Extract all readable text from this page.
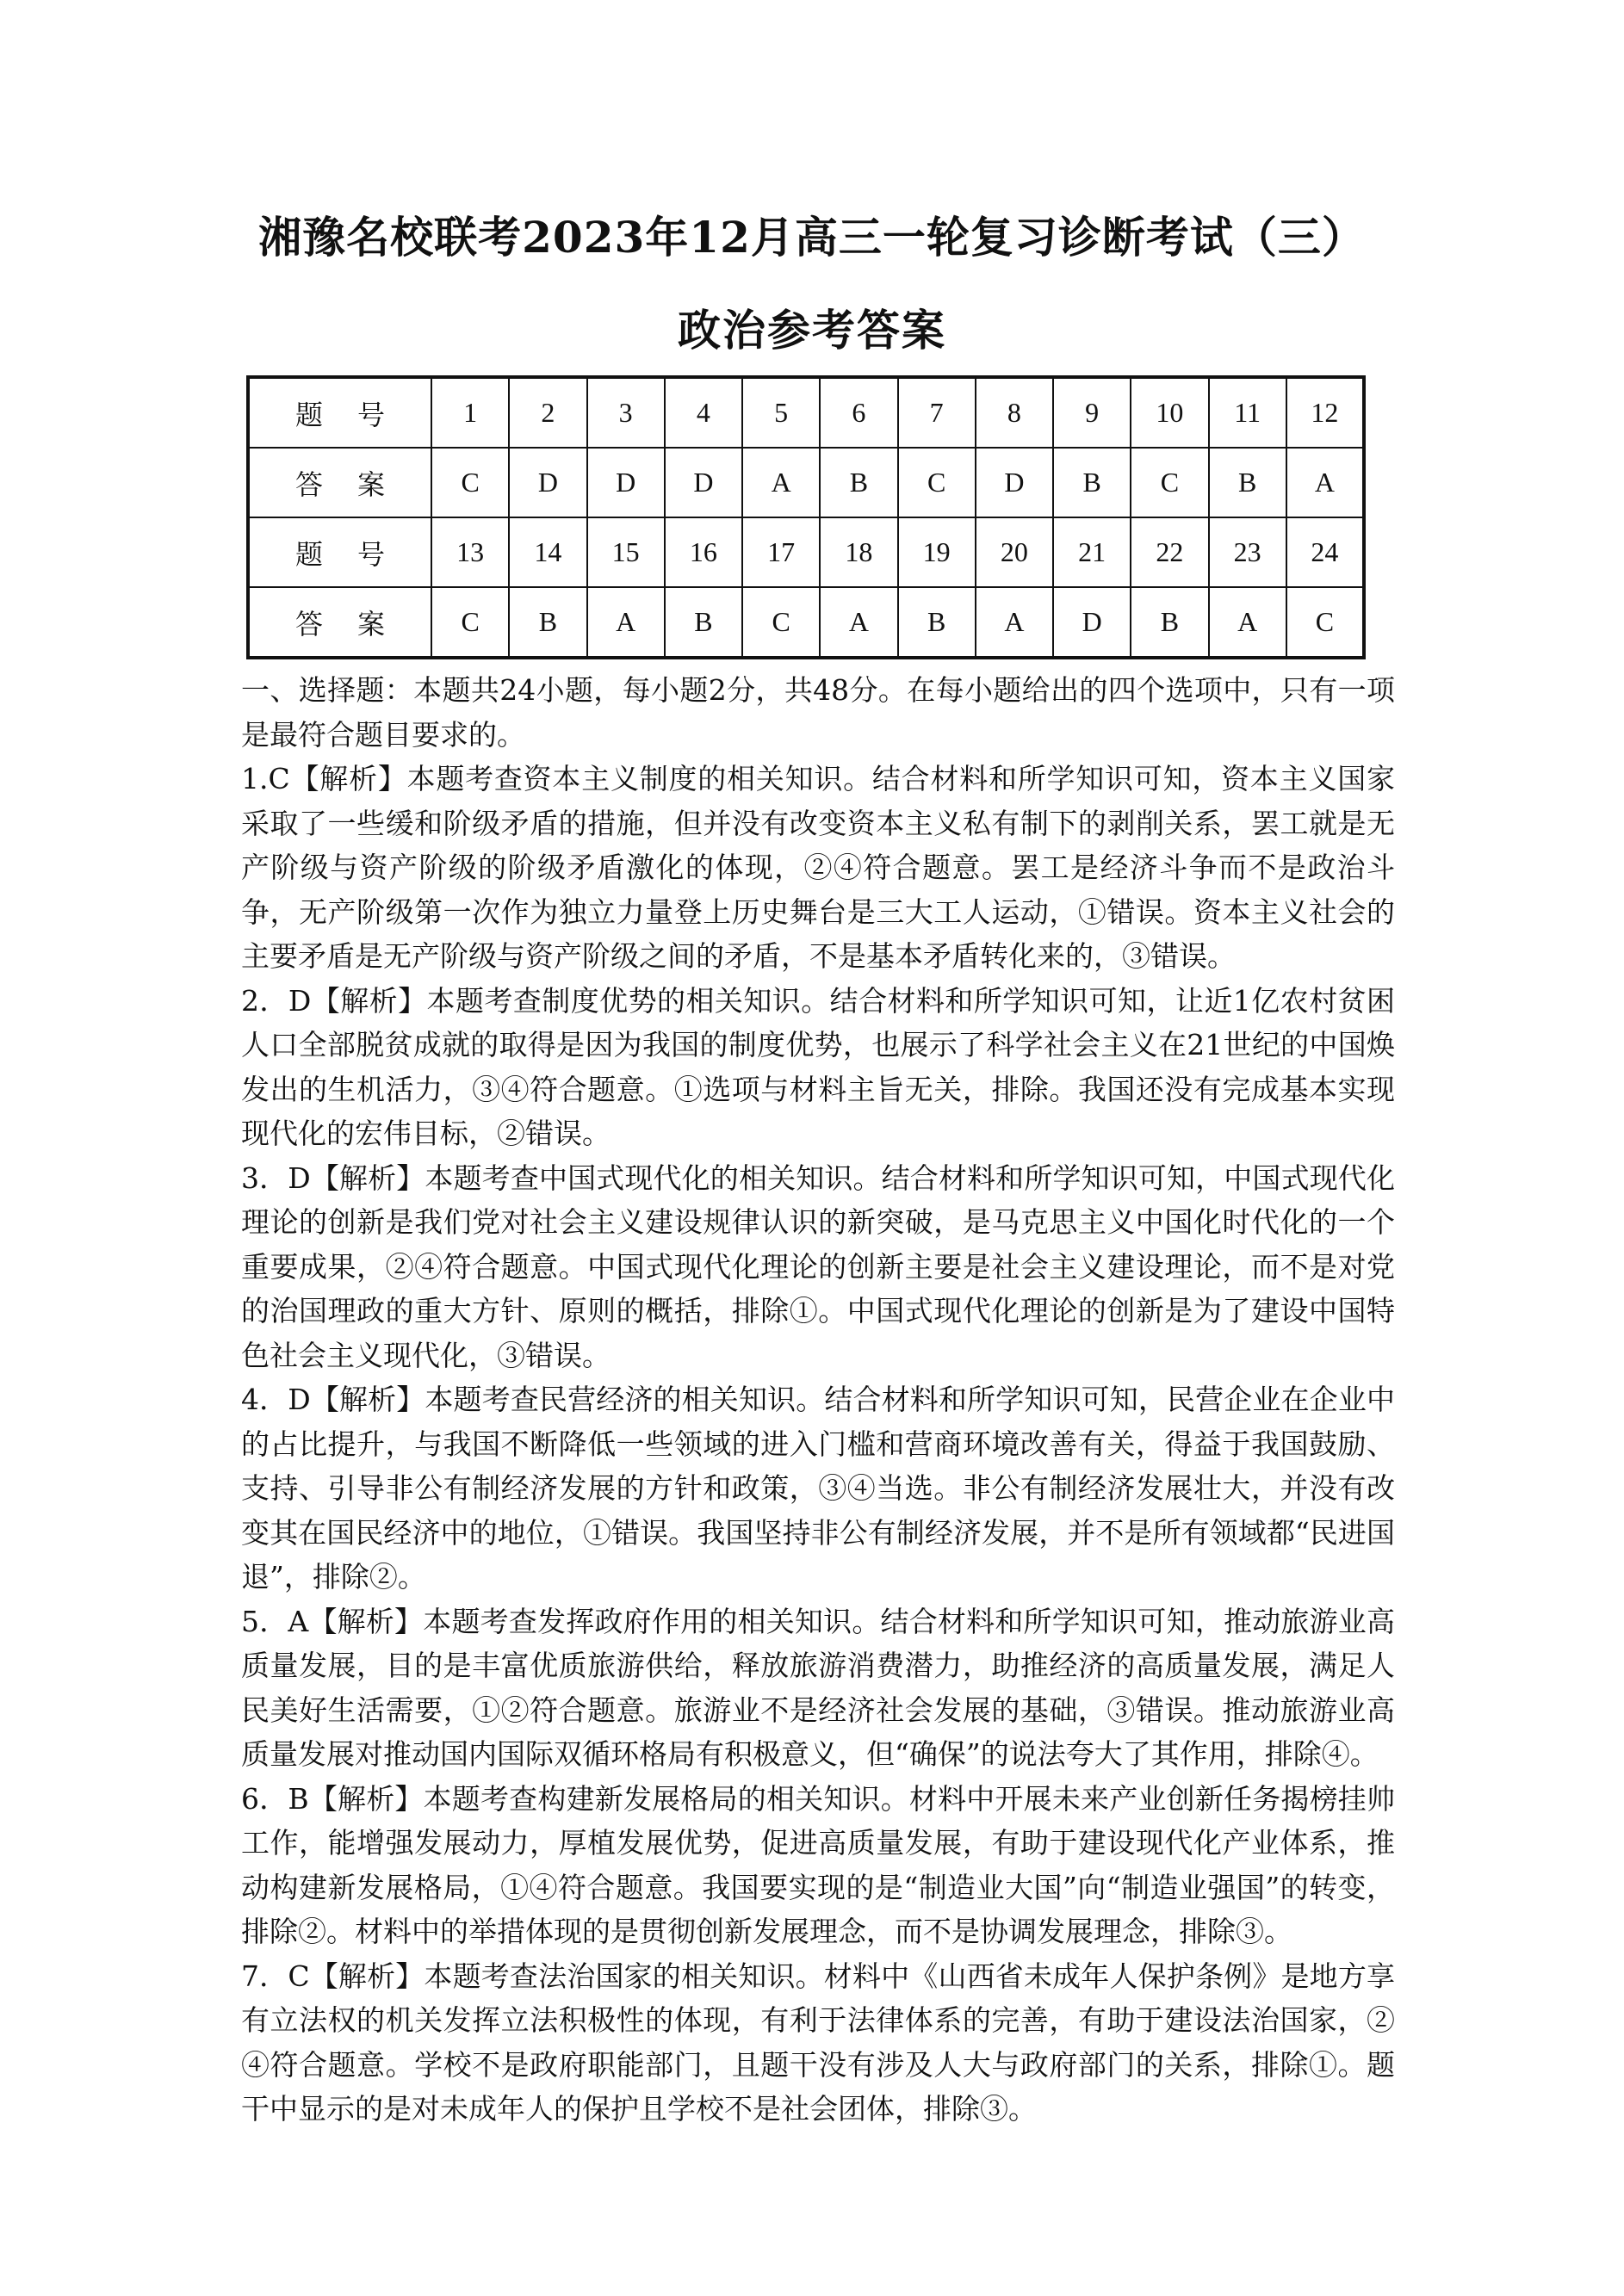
湘豫名校联考2023年12月高三一轮复习诊断考试（三）
政治参考答案
题号	1	2	3	4	5	6	7	8	9	10	11	12
答案	C	D	D	D	A	B	C	D	B	C	B	A
题号	13	14	15	16	17	18	19	20	21	22	23	24
答案	C	B	A	B	C	A	B	A	D	B	A	C

一、选择题：本题共24小题，每小题2分，共48分。在每小题给出的四个选项中，只有一项是最符合题目要求的。

1.C【解析】本题考查资本主义制度的相关知识。结合材料和所学知识可知，资本主义国家采取了一些缓和阶级矛盾的措施，但并没有改变资本主义私有制下的剥削关系，罢工就是无产阶级与资产阶级的阶级矛盾激化的体现，②④符合题意。罢工是经济斗争而不是政治斗争，无产阶级第一次作为独立力量登上历史舞台是三大工人运动，①错误。资本主义社会的主要矛盾是无产阶级与资产阶级之间的矛盾，不是基本矛盾转化来的，③错误。

2．D【解析】本题考查制度优势的相关知识。结合材料和所学知识可知，让近1亿农村贫困人口全部脱贫成就的取得是因为我国的制度优势，也展示了科学社会主义在21世纪的中国焕发出的生机活力，③④符合题意。①选项与材料主旨无关，排除。我国还没有完成基本实现现代化的宏伟目标，②错误。

3．D【解析】本题考查中国式现代化的相关知识。结合材料和所学知识可知，中国式现代化理论的创新是我们党对社会主义建设规律认识的新突破，是马克思主义中国化时代化的一个重要成果，②④符合题意。中国式现代化理论的创新主要是社会主义建设理论，而不是对党的治国理政的重大方针、原则的概括，排除①。中国式现代化理论的创新是为了建设中国特色社会主义现代化，③错误。

4．D【解析】本题考查民营经济的相关知识。结合材料和所学知识可知，民营企业在企业中的占比提升，与我国不断降低一些领域的进入门槛和营商环境改善有关，得益于我国鼓励、支持、引导非公有制经济发展的方针和政策，③④当选。非公有制经济发展壮大，并没有改变其在国民经济中的地位，①错误。我国坚持非公有制经济发展，并不是所有领域都“民进国退”，排除②。

5．A【解析】本题考查发挥政府作用的相关知识。结合材料和所学知识可知，推动旅游业高质量发展，目的是丰富优质旅游供给，释放旅游消费潜力，助推经济的高质量发展，满足人民美好生活需要，①②符合题意。旅游业不是经济社会发展的基础，③错误。推动旅游业高质量发展对推动国内国际双循环格局有积极意义，但“确保”的说法夸大了其作用，排除④。

6．B【解析】本题考查构建新发展格局的相关知识。材料中开展未来产业创新任务揭榜挂帅工作，能增强发展动力，厚植发展优势，促进高质量发展，有助于建设现代化产业体系，推动构建新发展格局，①④符合题意。我国要实现的是“制造业大国”向“制造业强国”的转变，排除②。材料中的举措体现的是贯彻创新发展理念，而不是协调发展理念，排除③。

7．C【解析】本题考查法治国家的相关知识。材料中《山西省未成年人保护条例》是地方享有立法权的机关发挥立法积极性的体现，有利于法律体系的完善，有助于建设法治国家，②④符合题意。学校不是政府职能部门，且题干没有涉及人大与政府部门的关系，排除①。题干中显示的是对未成年人的保护且学校不是社会团体，排除③。
